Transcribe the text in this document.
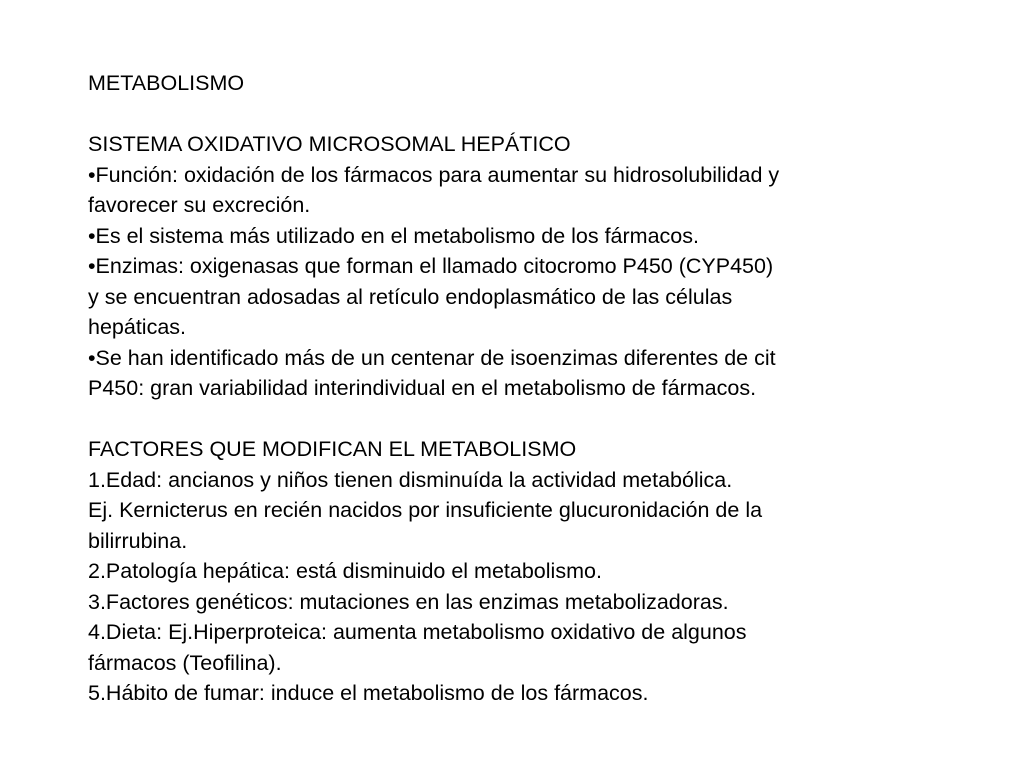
METABOLISMO
SISTEMA OXIDATIVO MICROSOMAL HEPÁTICO
•Función: oxidación de los fármacos para aumentar su hidrosolubilidad y
favorecer su excreción.
•Es el sistema más utilizado en el metabolismo de los fármacos.
•Enzimas: oxigenasas que forman el llamado citocromo P450 (CYP450)
y se encuentran adosadas al retículo endoplasmático de las células
hepáticas.
•Se han identificado más de un centenar de isoenzimas diferentes de cit
P450: gran variabilidad interindividual en el metabolismo de fármacos.
FACTORES QUE MODIFICAN EL METABOLISMO
1.Edad: ancianos y niños tienen disminuída la actividad metabólica.
Ej. Kernicterus en recién nacidos por insuficiente glucuronidación de la
bilirrubina.
2.Patología hepática: está disminuido el metabolismo.
3.Factores genéticos: mutaciones en las enzimas metabolizadoras.
4.Dieta: Ej.Hiperproteica: aumenta metabolismo oxidativo de algunos
fármacos (Teofilina).
5.Hábito de fumar: induce el metabolismo de los fármacos.
